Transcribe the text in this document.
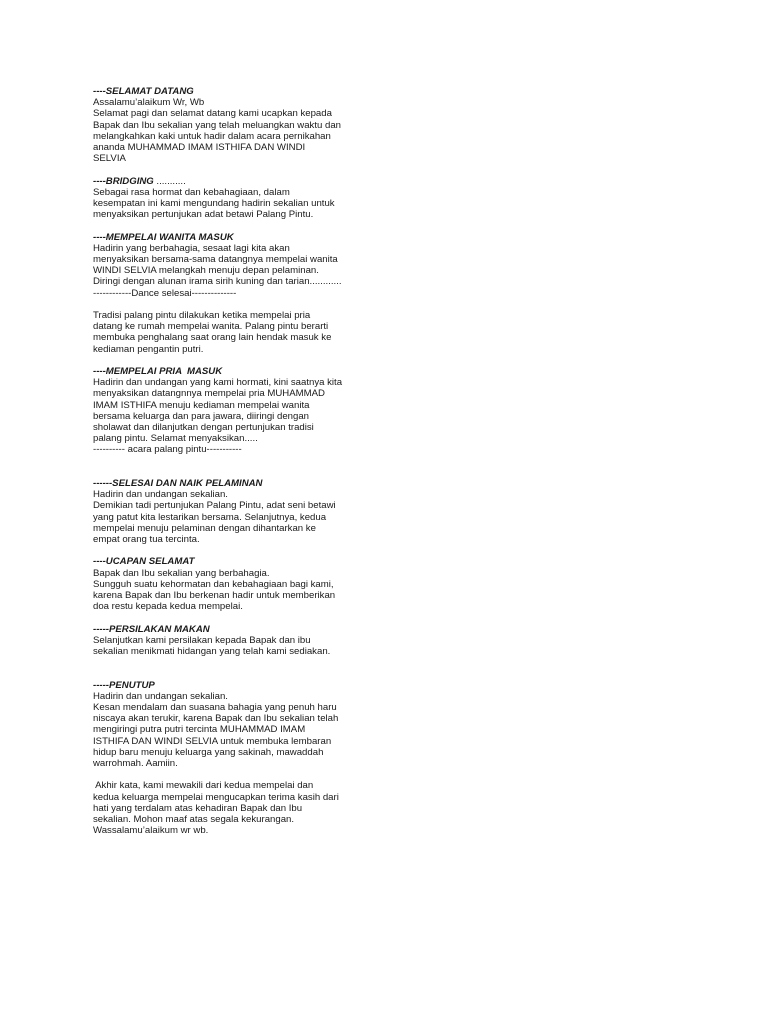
----SELAMAT DATANG
Assalamu’alaikum Wr, Wb
Selamat pagi dan selamat datang kami ucapkan kepada
Bapak dan Ibu sekalian yang telah meluangkan waktu dan
melangkahkan kaki untuk hadir dalam acara pernikahan
ananda MUHAMMAD IMAM ISTHIFA DAN WINDI
SELVIA
----BRIDGING ...........
Sebagai rasa hormat dan kebahagiaan, dalam
kesempatan ini kami mengundang hadirin sekalian untuk
menyaksikan pertunjukan adat betawi Palang Pintu.
----MEMPELAI WANITA MASUK
Hadirin yang berbahagia, sesaat lagi kita akan
menyaksikan bersama-sama datangnya mempelai wanita
WINDI SELVIA melangkah menuju depan pelaminan.
Diringi dengan alunan irama sirih kuning dan tarian............
------------Dance selesai--------------
Tradisi palang pintu dilakukan ketika mempelai pria
datang ke rumah mempelai wanita. Palang pintu berarti
membuka penghalang saat orang lain hendak masuk ke
kediaman pengantin putri.
----MEMPELAI PRIA  MASUK
Hadirin dan undangan yang kami hormati, kini saatnya kita
menyaksikan datangnnya mempelai pria MUHAMMAD
IMAM ISTHIFA menuju kediaman mempelai wanita
bersama keluarga dan para jawara, diiringi dengan
sholawat dan dilanjutkan dengan pertunjukan tradisi
palang pintu. Selamat menyaksikan.....
---------- acara palang pintu-----------
------SELESAI DAN NAIK PELAMINAN
Hadirin dan undangan sekalian.
Demikian tadi pertunjukan Palang Pintu, adat seni betawi
yang patut kita lestarikan bersama. Selanjutnya, kedua
mempelai menuju pelaminan dengan dihantarkan ke
empat orang tua tercinta.
----UCAPAN SELAMAT
Bapak dan Ibu sekalian yang berbahagia.
Sungguh suatu kehormatan dan kebahagiaan bagi kami,
karena Bapak dan Ibu berkenan hadir untuk memberikan
doa restu kepada kedua mempelai.
-----PERSILAKAN MAKAN
Selanjutkan kami persilakan kepada Bapak dan ibu
sekalian menikmati hidangan yang telah kami sediakan.
-----PENUTUP
Hadirin dan undangan sekalian.
Kesan mendalam dan suasana bahagia yang penuh haru
niscaya akan terukir, karena Bapak dan Ibu sekalian telah
mengiringi putra putri tercinta MUHAMMAD IMAM
ISTHIFA DAN WINDI SELVIA untuk membuka lembaran
hidup baru menuju keluarga yang sakinah, mawaddah
warrohmah. Aamiin.
Akhir kata, kami mewakili dari kedua mempelai dan
kedua keluarga mempelai mengucapkan terima kasih dari
hati yang terdalam atas kehadiran Bapak dan Ibu
sekalian. Mohon maaf atas segala kekurangan.
Wassalamu’alaikum wr wb.
